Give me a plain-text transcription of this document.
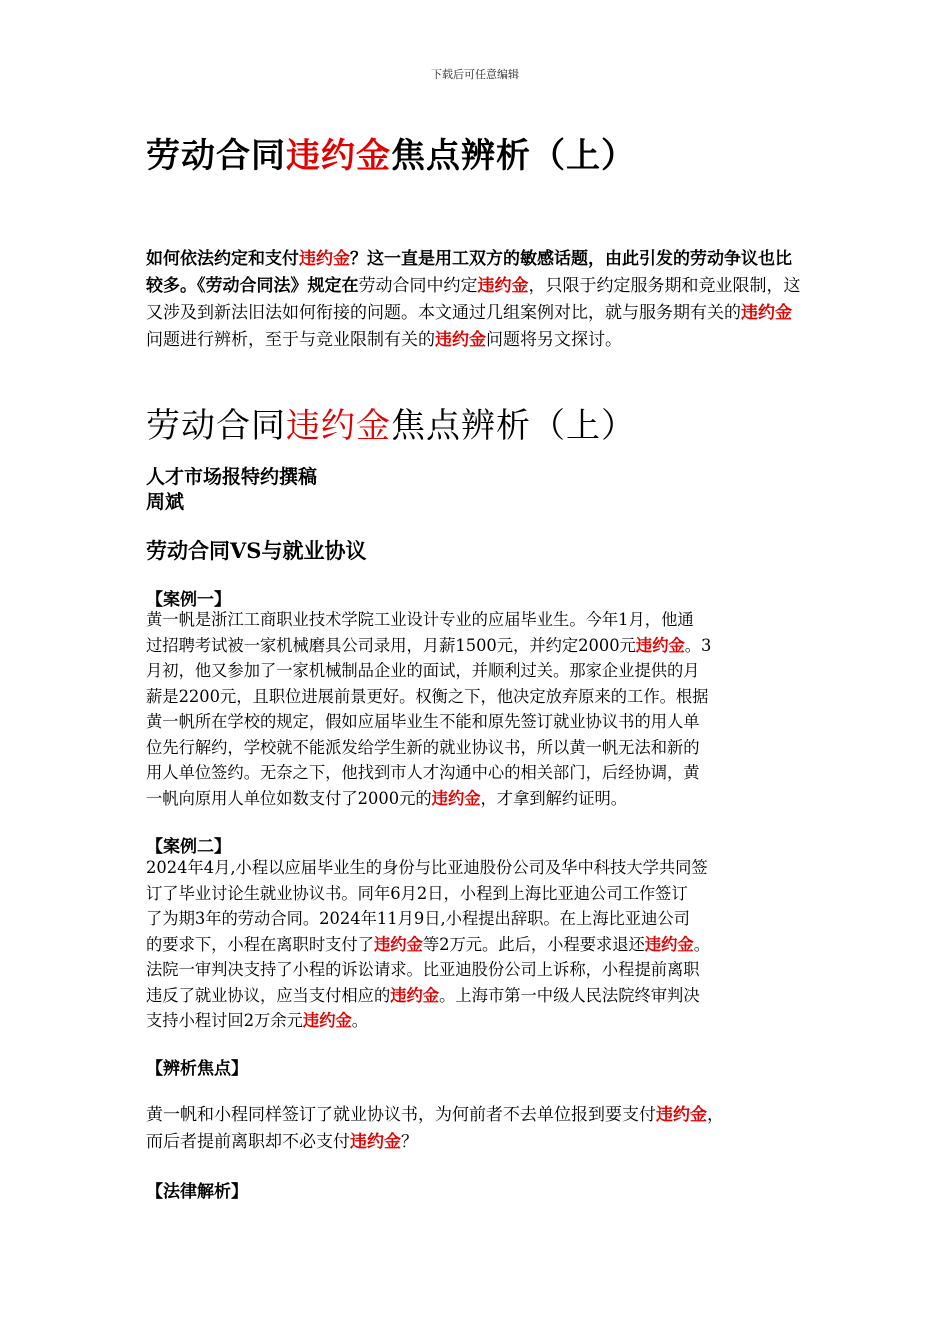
下载后可任意编辑
劳动合同违约金焦点辨析（上）
如何依法约定和支付违约金？这一直是用工双方的敏感话题，由此引发的劳动争议也比较多。《劳动合同法》规定在劳动合同中约定违约金，只限于约定服务期和竞业限制，这又涉及到新法旧法如何衔接的问题。本文通过几组案例对比，就与服务期有关的违约金问题进行辨析，至于与竞业限制有关的违约金问题将另文探讨。
劳动合同违约金焦点辨析（上）
人才市场报特约撰稿
周斌
劳动合同VS与就业协议
【案例一】
黄一帆是浙江工商职业技术学院工业设计专业的应届毕业生。今年1月，他通
过招聘考试被一家机械磨具公司录用，月薪1500元，并约定2000元违约金。3
月初，他又参加了一家机械制品企业的面试，并顺利过关。那家企业提供的月
薪是2200元，且职位进展前景更好。权衡之下，他决定放弃原来的工作。根据
黄一帆所在学校的规定，假如应届毕业生不能和原先签订就业协议书的用人单
位先行解约，学校就不能派发给学生新的就业协议书，所以黄一帆无法和新的
用人单位签约。无奈之下，他找到市人才沟通中心的相关部门，后经协调，黄
一帆向原用人单位如数支付了2000元的违约金，才拿到解约证明。
【案例二】
2024年4月,小程以应届毕业生的身份与比亚迪股份公司及华中科技大学共同签
订了毕业讨论生就业协议书。同年6月2日，小程到上海比亚迪公司工作签订
了为期3年的劳动合同。2024年11月9日,小程提出辞职。在上海比亚迪公司
的要求下，小程在离职时支付了违约金等2万元。此后，小程要求退还违约金。
法院一审判决支持了小程的诉讼请求。比亚迪股份公司上诉称，小程提前离职
违反了就业协议，应当支付相应的违约金。上海市第一中级人民法院终审判决
支持小程讨回2万余元违约金。
【辨析焦点】
黄一帆和小程同样签订了就业协议书，为何前者不去单位报到要支付违约金，
而后者提前离职却不必支付违约金？
【法律解析】
